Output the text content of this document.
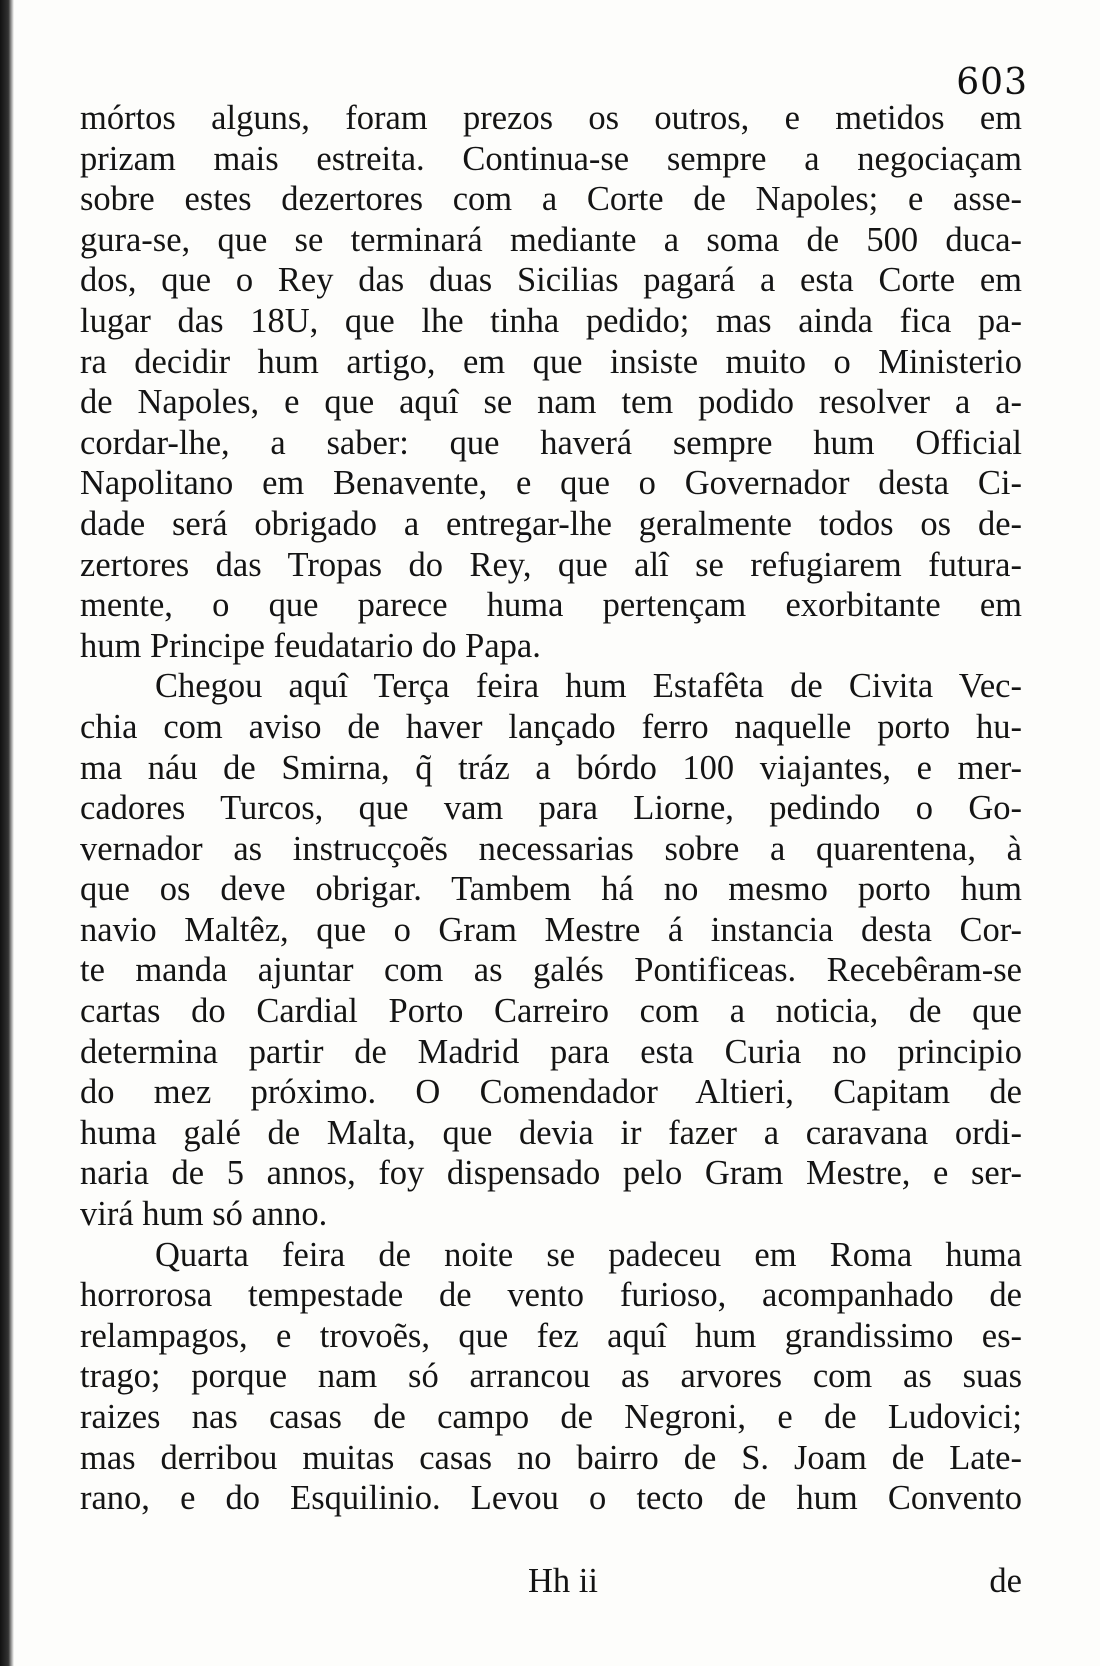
603
mórtos alguns, foram prezos os outros, e metidos em
prizam mais estreita. Continua-se sempre a negociaçam
sobre estes dezertores com a Corte de Napoles; e asse-
gura-se, que se terminará mediante a soma de 500 duca-
dos, que o Rey das duas Sicilias pagará a esta Corte em
lugar das 18U, que lhe tinha pedido; mas ainda fica pa-
ra decidir hum artigo, em que insiste muito o Ministerio
de Napoles, e que aquî se nam tem podido resolver a a-
cordar-lhe, a saber: que haverá sempre hum Official
Napolitano em Benavente, e que o Governador desta Ci-
dade será obrigado a entregar-lhe geralmente todos os de-
zertores das Tropas do Rey, que alî se refugiarem futura-
mente, o que parece huma pertençam exorbitante em
hum Principe feudatario do Papa.
Chegou aquî Terça feira hum Estafêta de Civita Vec-
chia com aviso de haver lançado ferro naquelle porto hu-
ma náu de Smirna, q̃ tráz a bórdo 100 viajantes, e mer-
cadores Turcos, que vam para Liorne, pedindo o Go-
vernador as instrucçoẽs necessarias sobre a quarentena, à
que os deve obrigar. Tambem há no mesmo porto hum
navio Maltêz, que o Gram Mestre á instancia desta Cor-
te manda ajuntar com as galés Pontificeas. Recebêram-se
cartas do Cardial Porto Carreiro com a noticia, de que
determina partir de Madrid para esta Curia no principio
do mez próximo. O Comendador Altieri, Capitam de
huma galé de Malta, que devia ir fazer a caravana ordi-
naria de 5 annos, foy dispensado pelo Gram Mestre, e ser-
virá hum só anno.
Quarta feira de noite se padeceu em Roma huma
horrorosa tempestade de vento furioso, acompanhado de
relampagos, e trovoẽs, que fez aquî hum grandissimo es-
trago; porque nam só arrancou as arvores com as suas
raizes nas casas de campo de Negroni, e de Ludovici;
mas derribou muitas casas no bairro de S. Joam de Late-
rano, e do Esquilinio. Levou o tecto de hum Convento
Hh ii	de
